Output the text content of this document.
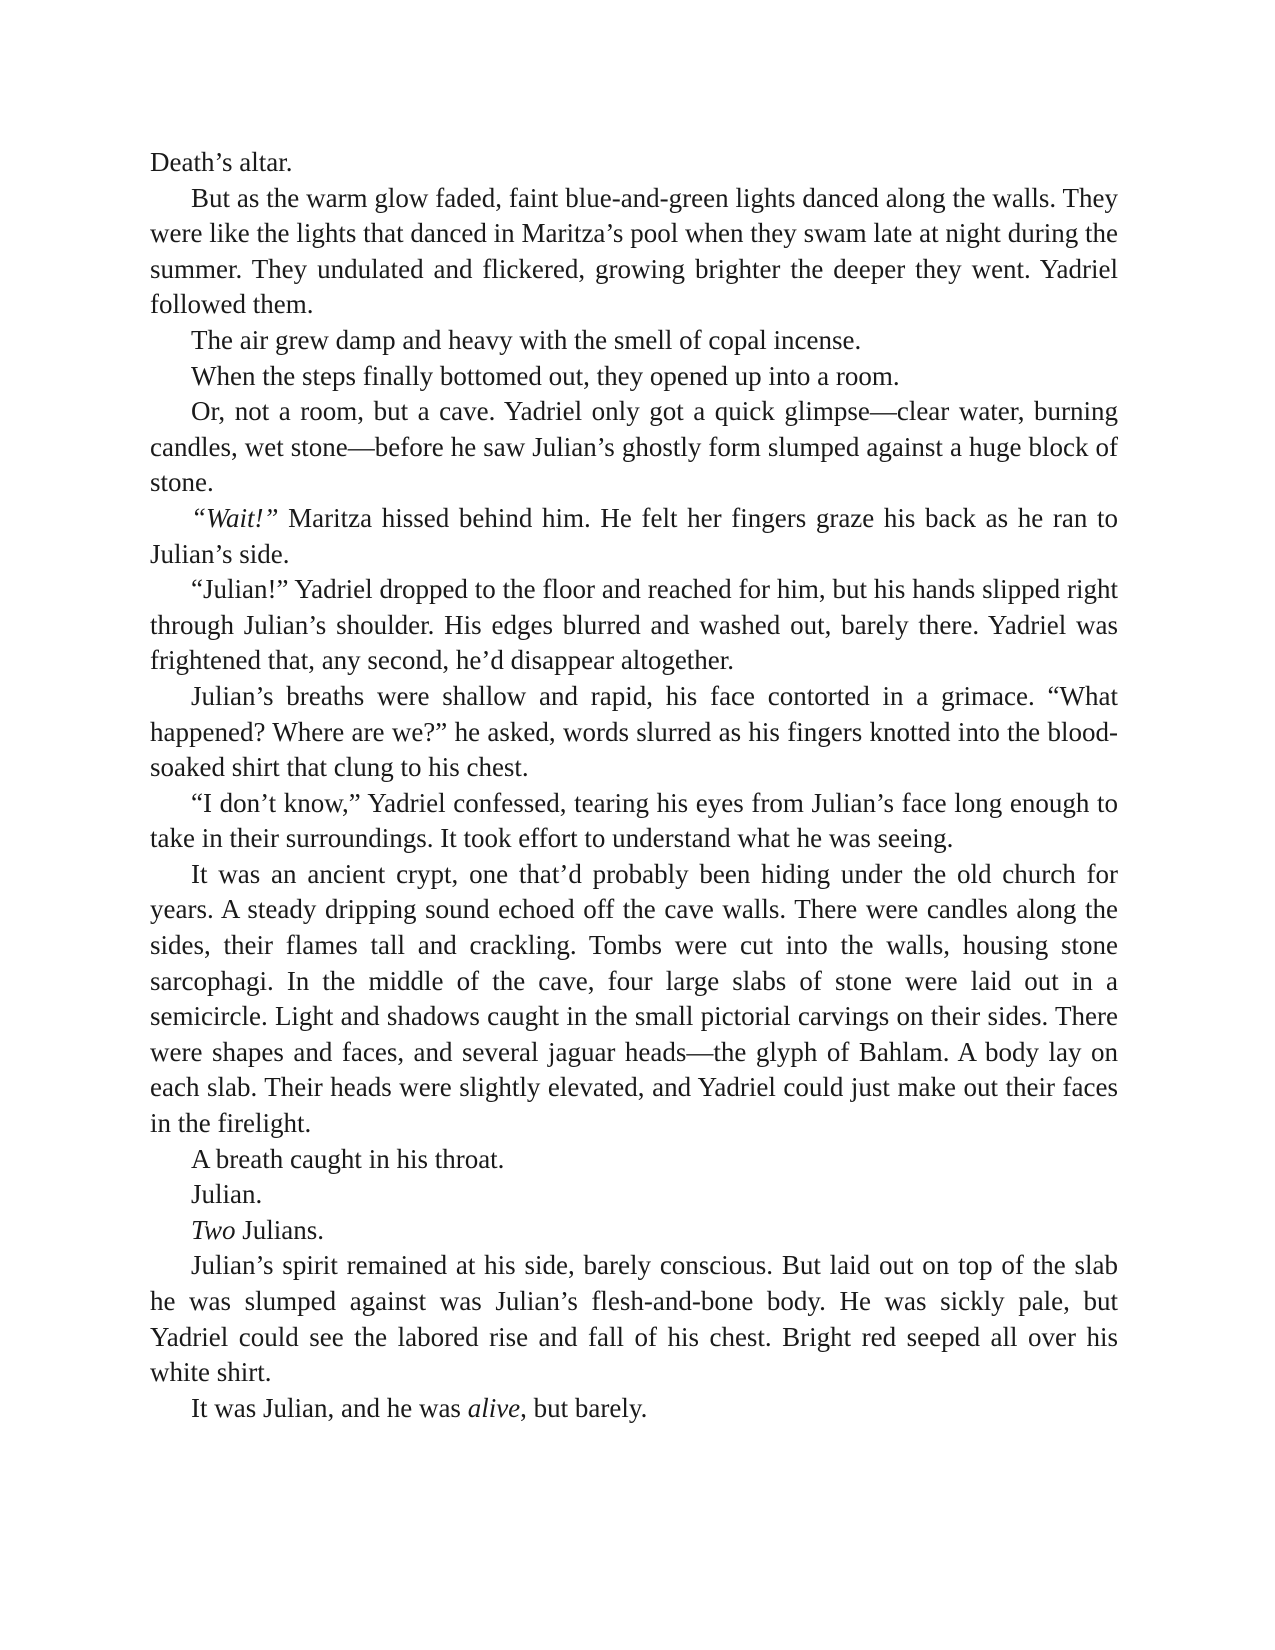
Death’s altar.

But as the warm glow faded, faint blue-and-green lights danced along the walls. They were like the lights that danced in Maritza’s pool when they swam late at night during the summer. They undulated and flickered, growing brighter the deeper they went. Yadriel followed them.

The air grew damp and heavy with the smell of copal incense.

When the steps finally bottomed out, they opened up into a room.

Or, not a room, but a cave. Yadriel only got a quick glimpse—clear water, burning candles, wet stone—before he saw Julian’s ghostly form slumped against a huge block of stone.

“Wait!” Maritza hissed behind him. He felt her fingers graze his back as he ran to Julian’s side.

“Julian!” Yadriel dropped to the floor and reached for him, but his hands slipped right through Julian’s shoulder. His edges blurred and washed out, barely there. Yadriel was frightened that, any second, he’d disappear altogether.

Julian’s breaths were shallow and rapid, his face contorted in a grimace. “What happened? Where are we?” he asked, words slurred as his fingers knotted into the blood-soaked shirt that clung to his chest.

“I don’t know,” Yadriel confessed, tearing his eyes from Julian’s face long enough to take in their surroundings. It took effort to understand what he was seeing.

It was an ancient crypt, one that’d probably been hiding under the old church for years. A steady dripping sound echoed off the cave walls. There were candles along the sides, their flames tall and crackling. Tombs were cut into the walls, housing stone sarcophagi. In the middle of the cave, four large slabs of stone were laid out in a semicircle. Light and shadows caught in the small pictorial carvings on their sides. There were shapes and faces, and several jaguar heads—the glyph of Bahlam. A body lay on each slab. Their heads were slightly elevated, and Yadriel could just make out their faces in the firelight.

A breath caught in his throat.

Julian.

Two Julians.

Julian’s spirit remained at his side, barely conscious. But laid out on top of the slab he was slumped against was Julian’s flesh-and-bone body. He was sickly pale, but Yadriel could see the labored rise and fall of his chest. Bright red seeped all over his white shirt.

It was Julian, and he was alive, but barely.
